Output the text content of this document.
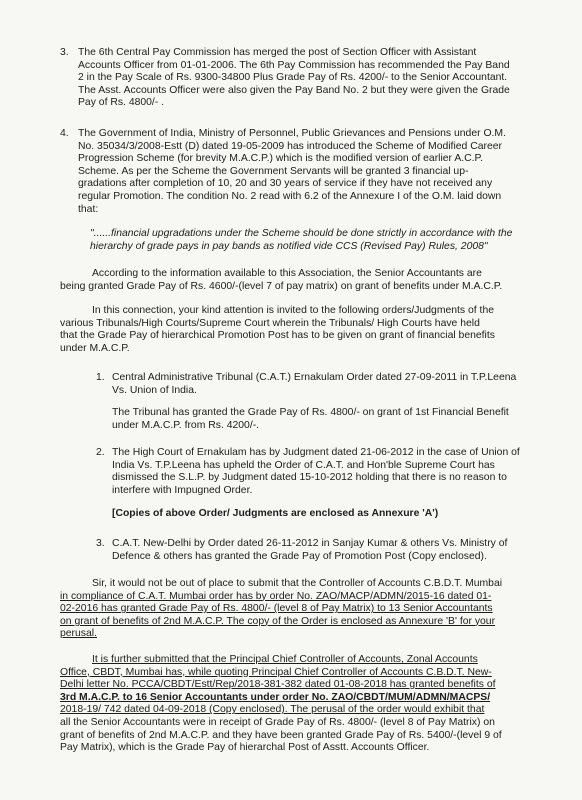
3. The 6th Central Pay Commission has merged the post of Section Officer with Assistant

Accounts Officer from 01-01-2006. The 6th Pay Commission has recommended the Pay Band

2 in the Pay Scale of Rs. 9300-34800 Plus Grade Pay of Rs. 4200/- to the Senior Accountant.

The Asst. Accounts Officer were also given the Pay Band No. 2 but they were given the Grade

Pay of Rs. 4800/- .

4. The Government of India, Ministry of Personnel, Public Grievances and Pensions under O.M.

No. 35034/3/2008-Estt (D) dated 19-05-2009 has introduced the Scheme of Modified Career

Progression Scheme (for brevity M.A.C.P.) which is the modified version of earlier A.C.P.

Scheme. As per the Scheme the Government Servants will be granted 3 financial up-

gradations after completion of 10, 20 and 30 years of service if they have not received any

regular Promotion. The condition No. 2 read with 6.2 of the Annexure I of the O.M. laid down

that:

"......financial upgradations under the Scheme should be done strictly in accordance with the

hierarchy of grade pays in pay bands as notified vide CCS (Revised Pay) Rules, 2008"

According to the information available to this Association, the Senior Accountants are

being granted Grade Pay of Rs. 4600/-(level 7 of pay matrix) on grant of benefits under M.A.C.P.

In this connection, your kind attention is invited to the following orders/Judgments of the

various Tribunals/High Courts/Supreme Court wherein the Tribunals/ High Courts have held

that the Grade Pay of hierarchical Promotion Post has to be given on grant of financial benefits

under M.A.C.P.

1. Central Administrative Tribunal (C.A.T.) Ernakulam Order dated 27-09-2011 in T.P.Leena

Vs. Union of India.

The Tribunal has granted the Grade Pay of Rs. 4800/- on grant of 1st Financial Benefit

under M.A.C.P. from Rs. 4200/-.

2. The High Court of Ernakulam has by Judgment dated 21-06-2012 in the case of Union of

India Vs. T.P.Leena has upheld the Order of C.A.T. and Hon'ble Supreme Court has

dismissed the S.L.P. by Judgment dated 15-10-2012 holding that there is no reason to

interfere with Impugned Order.

[Copies of above Order/ Judgments are enclosed as Annexure 'A')

3. C.A.T. New-Delhi by Order dated 26-11-2012 in Sanjay Kumar & others Vs. Ministry of

Defence & others has granted the Grade Pay of Promotion Post (Copy enclosed).

Sir, it would not be out of place to submit that the Controller of Accounts C.B.D.T. Mumbai

in compliance of C.A.T. Mumbai order has by order No. ZAO/MACP/ADMN/2015-16 dated 01-

02-2016 has granted Grade Pay of Rs. 4800/- (level 8 of Pay Matrix) to 13 Senior Accountants

on grant of benefits of 2nd M.A.C.P. The copy of the Order is enclosed as Annexure 'B' for your

perusal.

It is further submitted that the Principal Chief Controller of Accounts, Zonal Accounts

Office, CBDT, Mumbai has, while quoting Principal Chief Controller of Accounts C.B.D.T. New-

Delhi letter No. PCCA/CBDT/Estt/Rep/2018-381-382 dated 01-08-2018 has granted benefits of

3rd M.A.C.P. to 16 Senior Accountants under order No. ZAO/CBDT/MUM/ADMN/MACPS/

2018-19/ 742 dated 04-09-2018 (Copy enclosed). The perusal of the order would exhibit that

all the Senior Accountants were in receipt of Grade Pay of Rs. 4800/- (level 8 of Pay Matrix) on

grant of benefits of 2nd M.A.C.P. and they have been granted Grade Pay of Rs. 5400/-(level 9 of

Pay Matrix), which is the Grade Pay of hierarchal Post of Asstt. Accounts Officer.
